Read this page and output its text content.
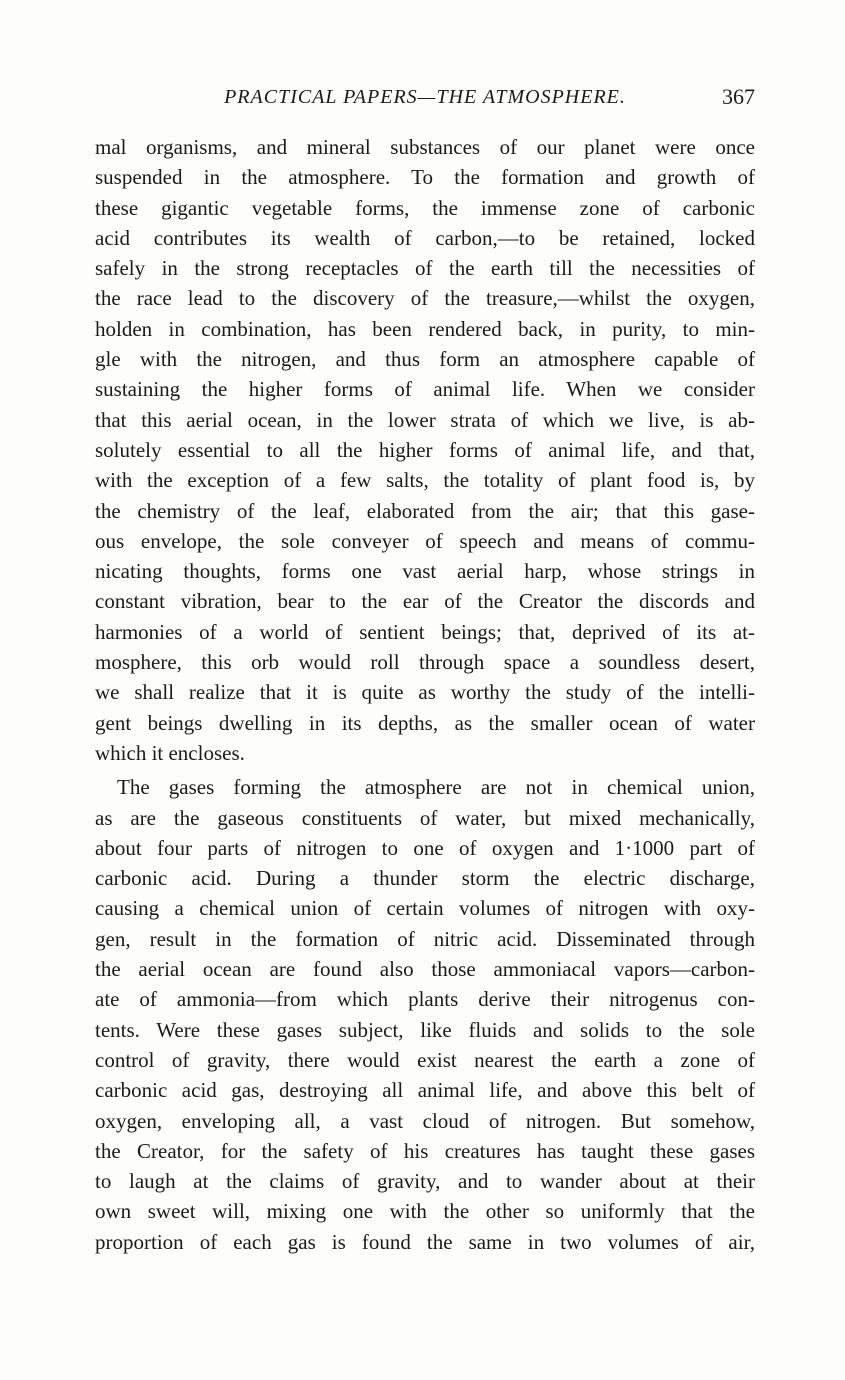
PRACTICAL PAPERS—THE ATMOSPHERE.	367
mal organisms, and mineral substances of our planet were once
suspended in the atmosphere. To the formation and growth of
these gigantic vegetable forms, the immense zone of carbonic
acid contributes its wealth of carbon,—to be retained, locked
safely in the strong receptacles of the earth till the necessities of
the race lead to the discovery of the treasure,—whilst the oxygen,
holden in combination, has been rendered back, in purity, to min-
gle with the nitrogen, and thus form an atmosphere capable of
sustaining the higher forms of animal life. When we consider
that this aerial ocean, in the lower strata of which we live, is ab-
solutely essential to all the higher forms of animal life, and that,
with the exception of a few salts, the totality of plant food is, by
the chemistry of the leaf, elaborated from the air; that this gase-
ous envelope, the sole conveyer of speech and means of commu-
nicating thoughts, forms one vast aerial harp, whose strings in
constant vibration, bear to the ear of the Creator the discords and
harmonies of a world of sentient beings; that, deprived of its at-
mosphere, this orb would roll through space a soundless desert,
we shall realize that it is quite as worthy the study of the intelli-
gent beings dwelling in its depths, as the smaller ocean of water
which it encloses.
The gases forming the atmosphere are not in chemical union,
as are the gaseous constituents of water, but mixed mechanically,
about four parts of nitrogen to one of oxygen and 1·1000 part of
carbonic acid. During a thunder storm the electric discharge,
causing a chemical union of certain volumes of nitrogen with oxy-
gen, result in the formation of nitric acid. Disseminated through
the aerial ocean are found also those ammoniacal vapors—carbon-
ate of ammonia—from which plants derive their nitrogenus con-
tents. Were these gases subject, like fluids and solids to the sole
control of gravity, there would exist nearest the earth a zone of
carbonic acid gas, destroying all animal life, and above this belt of
oxygen, enveloping all, a vast cloud of nitrogen. But somehow,
the Creator, for the safety of his creatures has taught these gases
to laugh at the claims of gravity, and to wander about at their
own sweet will, mixing one with the other so uniformly that the
proportion of each gas is found the same in two volumes of air,
